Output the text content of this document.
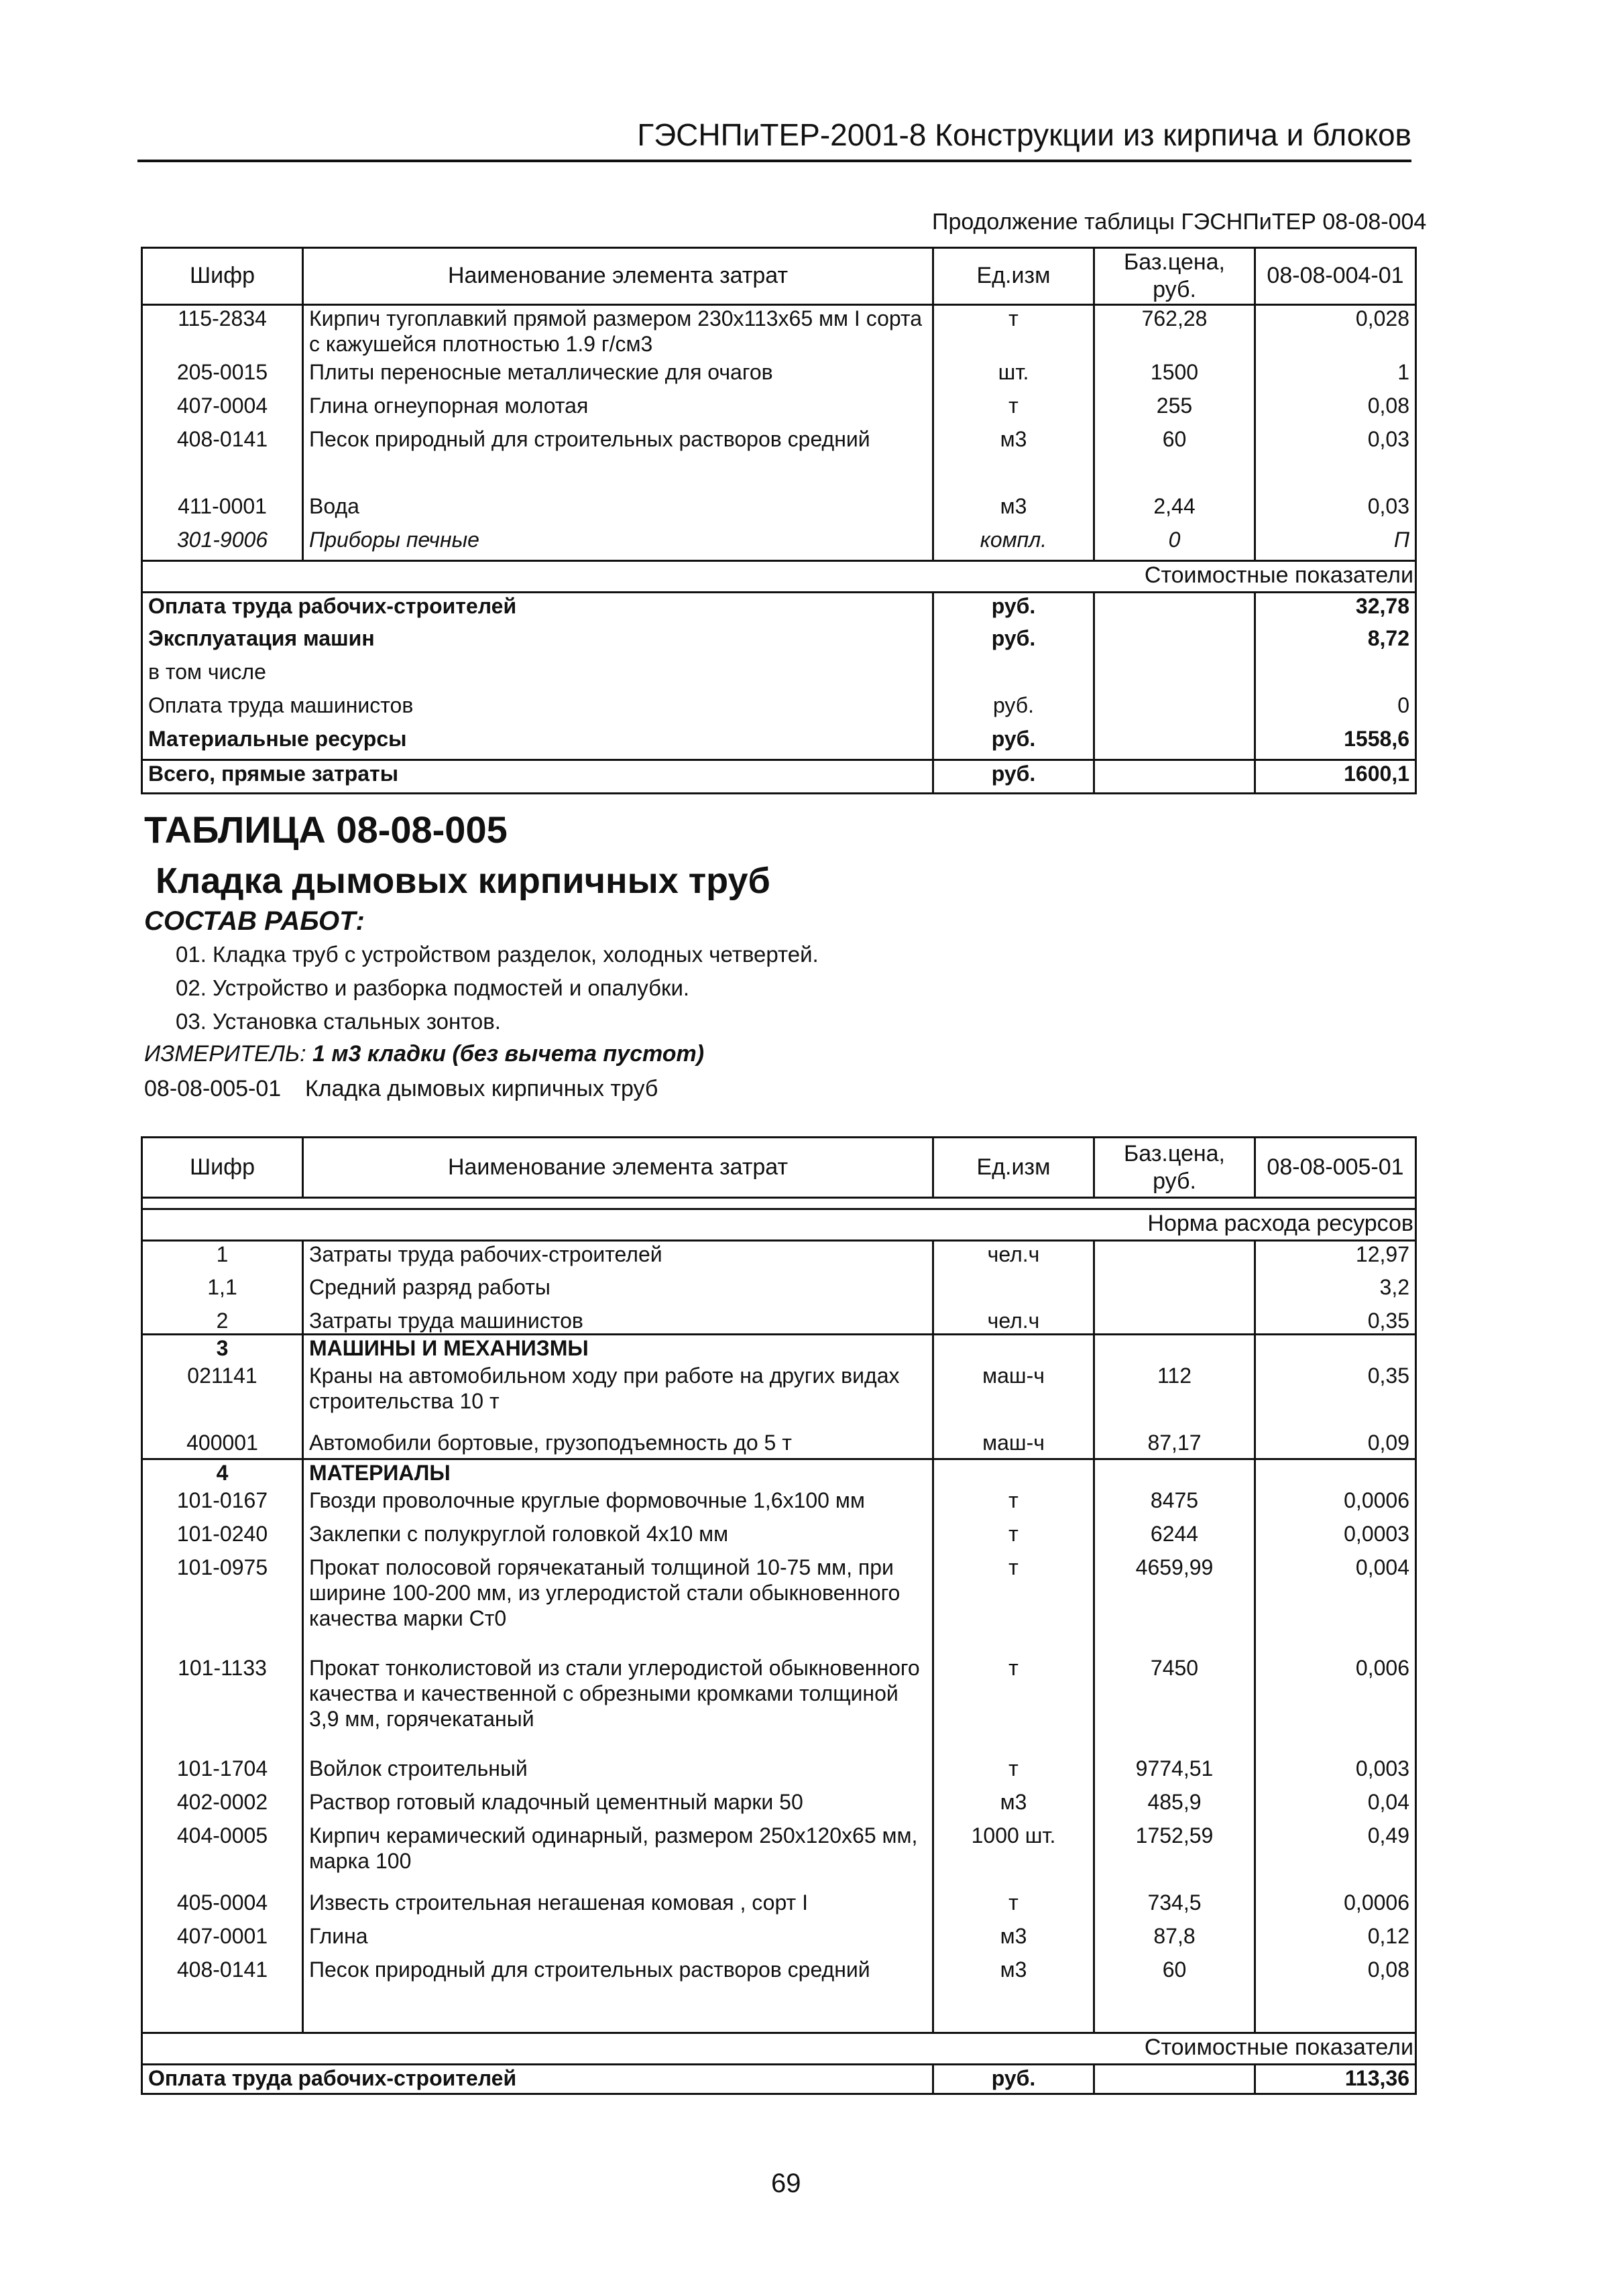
ГЭСНПиТЕР-2001-8 Конструкции из кирпича и блоков
Продолжение таблицы ГЭСНПиТЕР 08-08-004
Шифр	Наименование элемента затрат	Ед.изм	Баз.цена, руб.	08-08-004-01
115-2834	Кирпич тугоплавкий прямой размером 230х113х65 мм I сорта с кажушейся плотностью 1.9 г/см3	т	762,28	0,028
205-0015	Плиты переносные металлические для очагов	шт.	1500	1
407-0004	Глина огнеупорная молотая	т	255	0,08
408-0141	Песок природный для строительных растворов средний	м3	60	0,03

411-0001	Вода	м3	2,44	0,03
301-9006	Приборы печные	компл.	0	П
Стоимостные показатели				
Оплата труда рабочих-строителей		руб.		32,78
Эксплуатация машин		руб.		8,72
в том числе				
Оплата труда машинистов		руб.		0
Материальные ресурсы		руб.		1558,6
Всего, прямые затраты		руб.		1600,1
ТАБЛИЦА 08-08-005
Кладка дымовых кирпичных труб
СОСТАВ РАБОТ:
01. Кладка труб с устройством разделок, холодных четвертей.
02. Устройство и разборка подмостей и опалубки.
03. Установка стальных зонтов.
ИЗМЕРИТЕЛЬ: 1 м3 кладки (без вычета пустот)
08-08-005-01 Кладка дымовых кирпичных труб
Шифр	Наименование элемента затрат	Ед.изм	Баз.цена, руб.	08-08-005-01

Норма расхода ресурсов				
1	Затраты труда рабочих-строителей	чел.ч		12,97
1,1	Средний разряд работы			3,2
2	Затраты труда машинистов	чел.ч		0,35
3	МАШИНЫ И МЕХАНИЗМЫ			
021141	Краны на автомобильном ходу при работе на других видах строительства 10 т	маш-ч	112	0,35
400001	Автомобили бортовые, грузоподъемность до 5 т	маш-ч	87,17	0,09
4	МАТЕРИАЛЫ			
101-0167	Гвозди проволочные круглые формовочные 1,6х100 мм	т	8475	0,0006
101-0240	Заклепки с полукруглой головкой 4х10 мм	т	6244	0,0003
101-0975	Прокат полосовой горячекатаный толщиной 10-75 мм, при ширине 100-200 мм, из углеродистой стали обыкновенного качества марки Ст0	т	4659,99	0,004
101-1133	Прокат тонколистовой из стали углеродистой обыкновенного качества и качественной с обрезными кромками толщиной 3,9 мм, горячекатаный	т	7450	0,006
101-1704	Войлок строительный	т	9774,51	0,003
402-0002	Раствор готовый кладочный цементный марки 50	м3	485,9	0,04
404-0005	Кирпич керамический одинарный, размером 250х120х65 мм, марка 100	1000 шт.	1752,59	0,49
405-0004	Известь строительная негашеная комовая , сорт I	т	734,5	0,0006
407-0001	Глина	м3	87,8	0,12
408-0141	Песок природный для строительных растворов средний	м3	60	0,08

Стоимостные показатели				
Оплата труда рабочих-строителей		руб.		113,36
69
